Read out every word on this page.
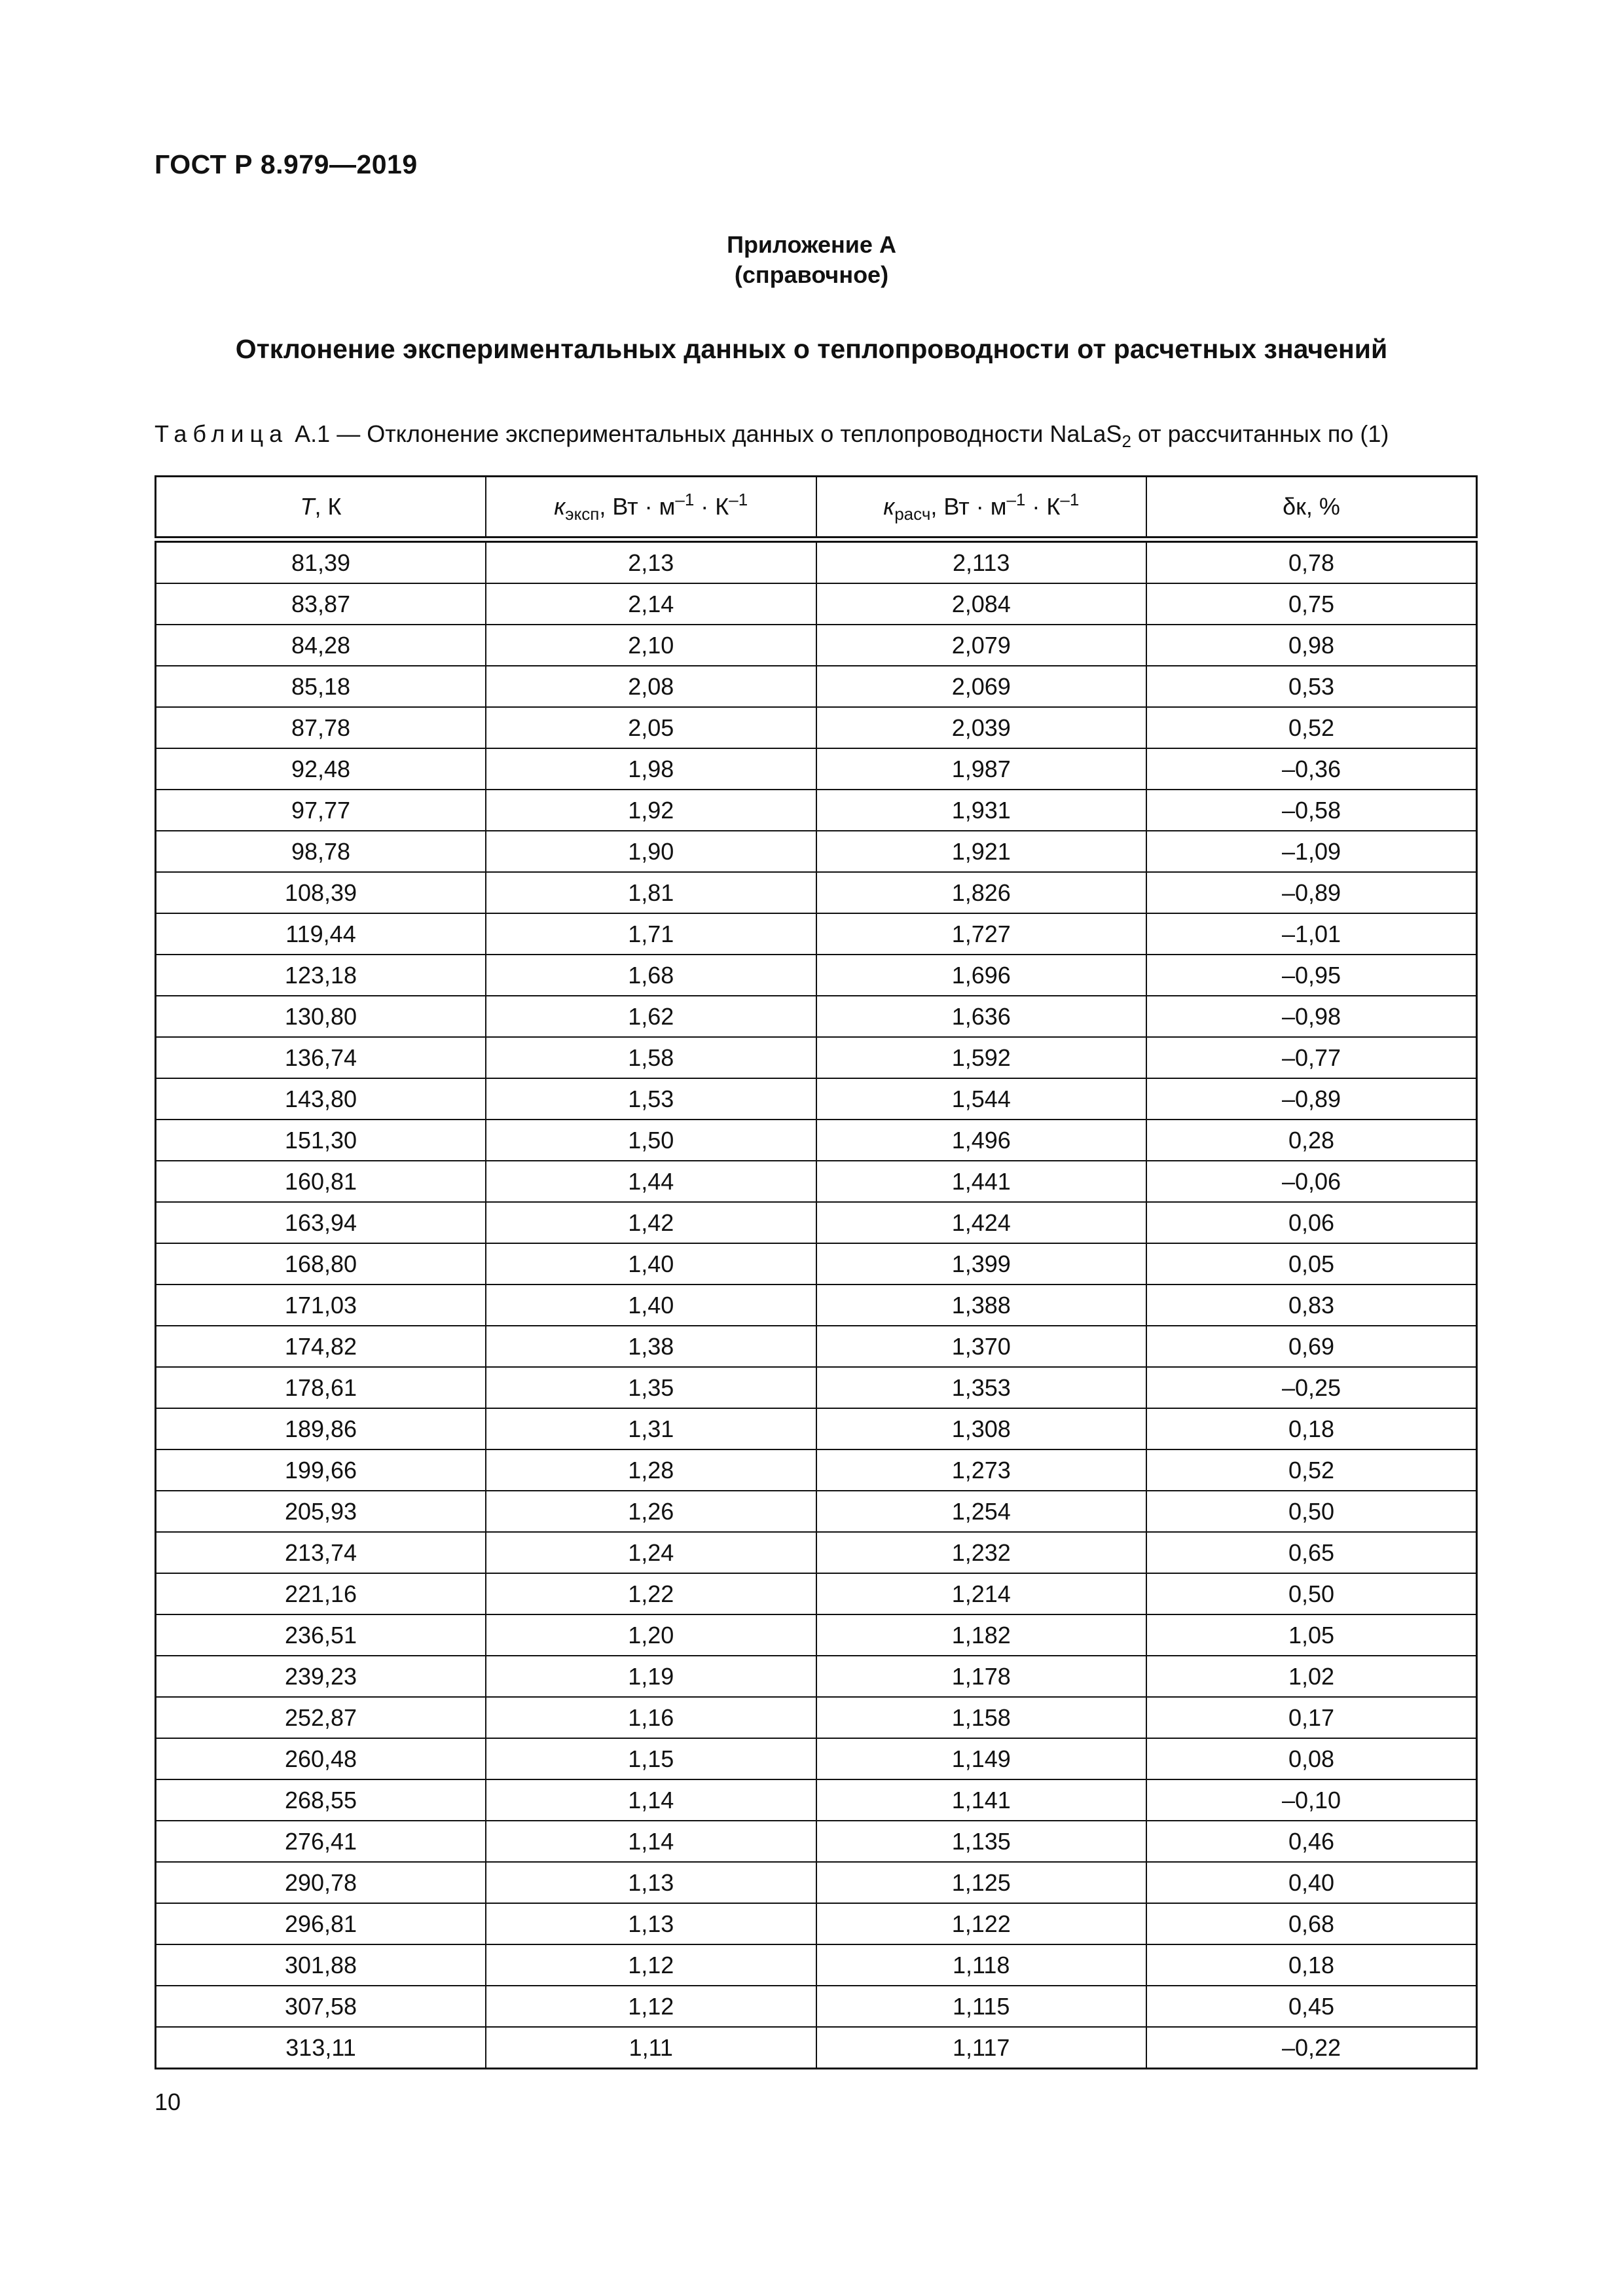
ГОСТ Р 8.979—2019
Приложение А
(справочное)
Отклонение экспериментальных данных о теплопроводности от расчетных значений
Таблица А.1 — Отклонение экспериментальных данных о теплопроводности NaLaS$_2$ от рассчитанных по (1)
T, К	$к_{эксп}$, Вт · $м^{-1} \cdot К^{-1}$	$к_{расч}$, Вт · $м^{-1} \cdot К^{-1}$	δк, %
81,39	2,13	2,113	0,78
83,87	2,14	2,084	0,75
84,28	2,10	2,079	0,98
85,18	2,08	2,069	0,53
87,78	2,05	2,039	0,52
92,48	1,98	1,987	–0,36
97,77	1,92	1,931	–0,58
98,78	1,90	1,921	–1,09
108,39	1,81	1,826	–0,89
119,44	1,71	1,727	–1,01
123,18	1,68	1,696	–0,95
130,80	1,62	1,636	–0,98
136,74	1,58	1,592	–0,77
143,80	1,53	1,544	–0,89
151,30	1,50	1,496	0,28
160,81	1,44	1,441	–0,06
163,94	1,42	1,424	0,06
168,80	1,40	1,399	0,05
171,03	1,40	1,388	0,83
174,82	1,38	1,370	0,69
178,61	1,35	1,353	–0,25
189,86	1,31	1,308	0,18
199,66	1,28	1,273	0,52
205,93	1,26	1,254	0,50
213,74	1,24	1,232	0,65
221,16	1,22	1,214	0,50
236,51	1,20	1,182	1,05
239,23	1,19	1,178	1,02
252,87	1,16	1,158	0,17
260,48	1,15	1,149	0,08
268,55	1,14	1,141	–0,10
276,41	1,14	1,135	0,46
290,78	1,13	1,125	0,40
296,81	1,13	1,122	0,68
301,88	1,12	1,118	0,18
307,58	1,12	1,115	0,45
313,11	1,11	1,117	–0,22
10
